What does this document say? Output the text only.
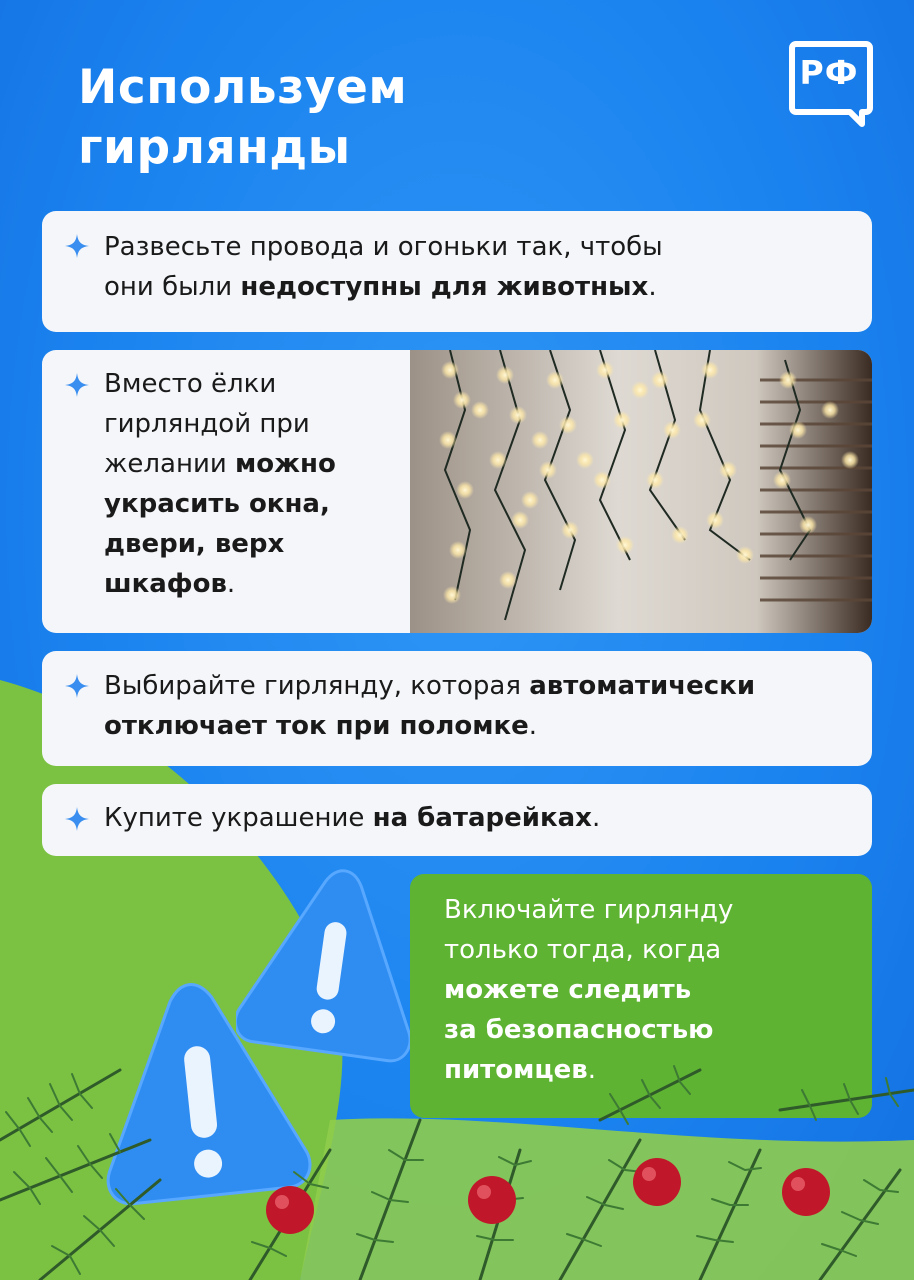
Используем
гирлянды
РФ
Развесьте провода и огоньки так, чтобы
они были недоступны для животных.
Вместо ёлки
гирляндой при
желании можно
украсить окна,
двери, верх
шкафов.
Выбирайте гирлянду, которая автоматически
отключает ток при поломке.
Купите украшение на батарейках.
Включайте гирлянду
только тогда, когда
можете следить
за безопасностью
питомцев.
